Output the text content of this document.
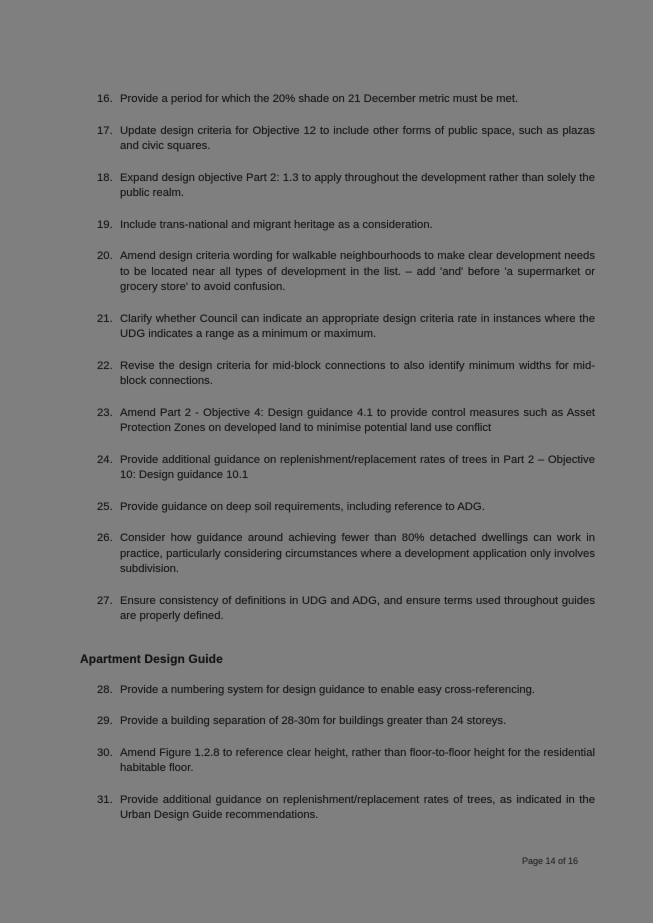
16. Provide a period for which the 20% shade on 21 December metric must be met.
17. Update design criteria for Objective 12 to include other forms of public space, such as plazas and civic squares.
18. Expand design objective Part 2: 1.3 to apply throughout the development rather than solely the public realm.
19. Include trans-national and migrant heritage as a consideration.
20. Amend design criteria wording for walkable neighbourhoods to make clear development needs to be located near all types of development in the list. – add 'and' before 'a supermarket or grocery store' to avoid confusion.
21. Clarify whether Council can indicate an appropriate design criteria rate in instances where the UDG indicates a range as a minimum or maximum.
22. Revise the design criteria for mid-block connections to also identify minimum widths for mid-block connections.
23. Amend Part 2 - Objective 4: Design guidance 4.1 to provide control measures such as Asset Protection Zones on developed land to minimise potential land use conflict
24. Provide additional guidance on replenishment/replacement rates of trees in Part 2 – Objective 10: Design guidance 10.1
25. Provide guidance on deep soil requirements, including reference to ADG.
26. Consider how guidance around achieving fewer than 80% detached dwellings can work in practice, particularly considering circumstances where a development application only involves subdivision.
27. Ensure consistency of definitions in UDG and ADG, and ensure terms used throughout guides are properly defined.
Apartment Design Guide
28. Provide a numbering system for design guidance to enable easy cross-referencing.
29. Provide a building separation of 28-30m for buildings greater than 24 storeys.
30. Amend Figure 1.2.8 to reference clear height, rather than floor-to-floor height for the residential habitable floor.
31. Provide additional guidance on replenishment/replacement rates of trees, as indicated in the Urban Design Guide recommendations.
Page 14 of 16
